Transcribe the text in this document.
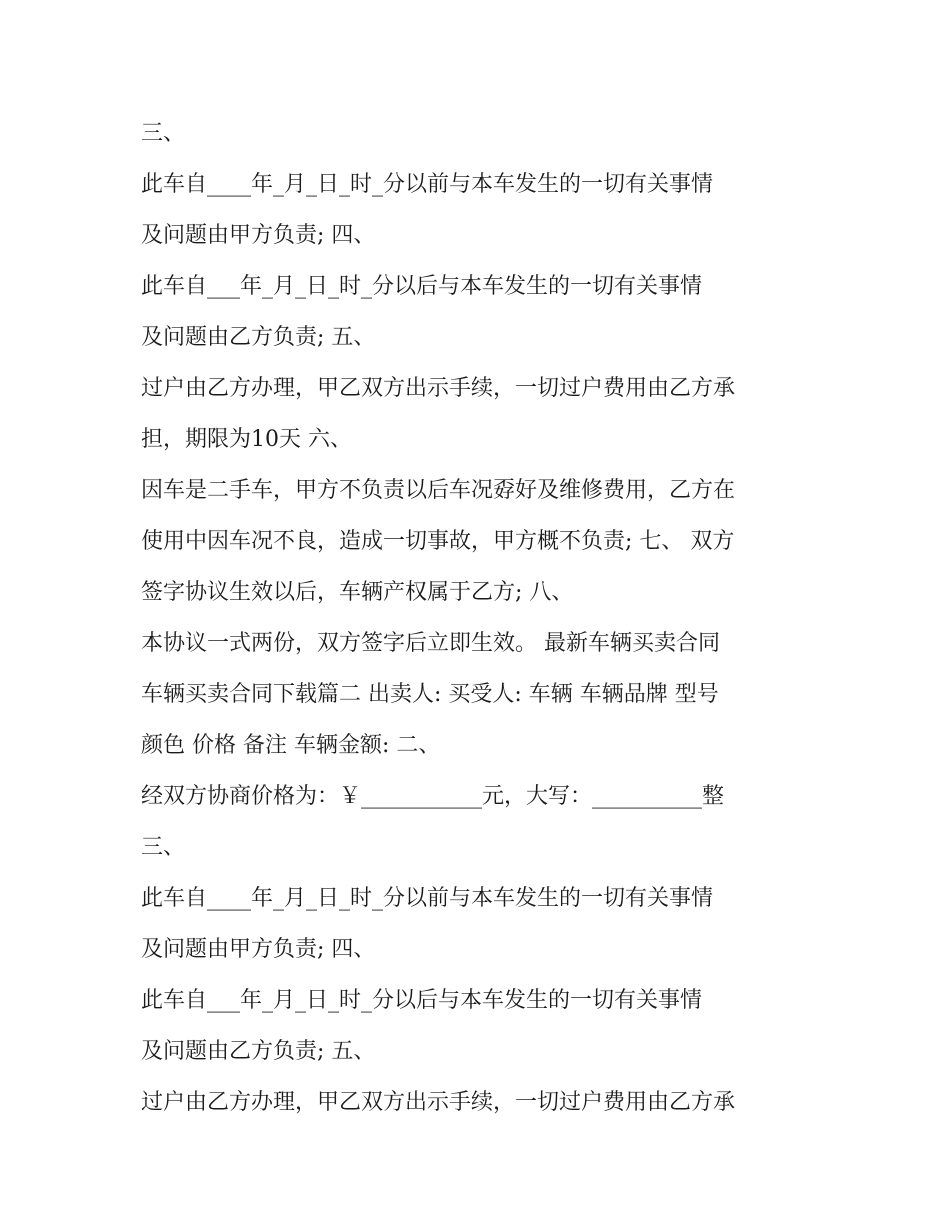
三、
此车自____年_月_日_时_分以前与本车发生的一切有关事情
及问题由甲方负责; 四、
此车自___年_月_日_时_分以后与本车发生的一切有关事情
及问题由乙方负责; 五、
过户由乙方办理，甲乙双方出示手续，一切过户费用由乙方承
担，期限为10天 六、
因车是二手车，甲方不负责以后车况孬好及维修费用，乙方在
使用中因车况不良，造成一切事故，甲方概不负责; 七、 双方
签字协议生效以后，车辆产权属于乙方; 八、
本协议一式两份，双方签字后立即生效。 最新车辆买卖合同
车辆买卖合同下载篇二 出卖人: 买受人: 车辆 车辆品牌 型号
颜色 价格 备注 车辆金额: 二、
经双方协商价格为：￥___________元，大写：__________整
三、
此车自____年_月_日_时_分以前与本车发生的一切有关事情
及问题由甲方负责; 四、
此车自___年_月_日_时_分以后与本车发生的一切有关事情
及问题由乙方负责; 五、
过户由乙方办理，甲乙双方出示手续，一切过户费用由乙方承
